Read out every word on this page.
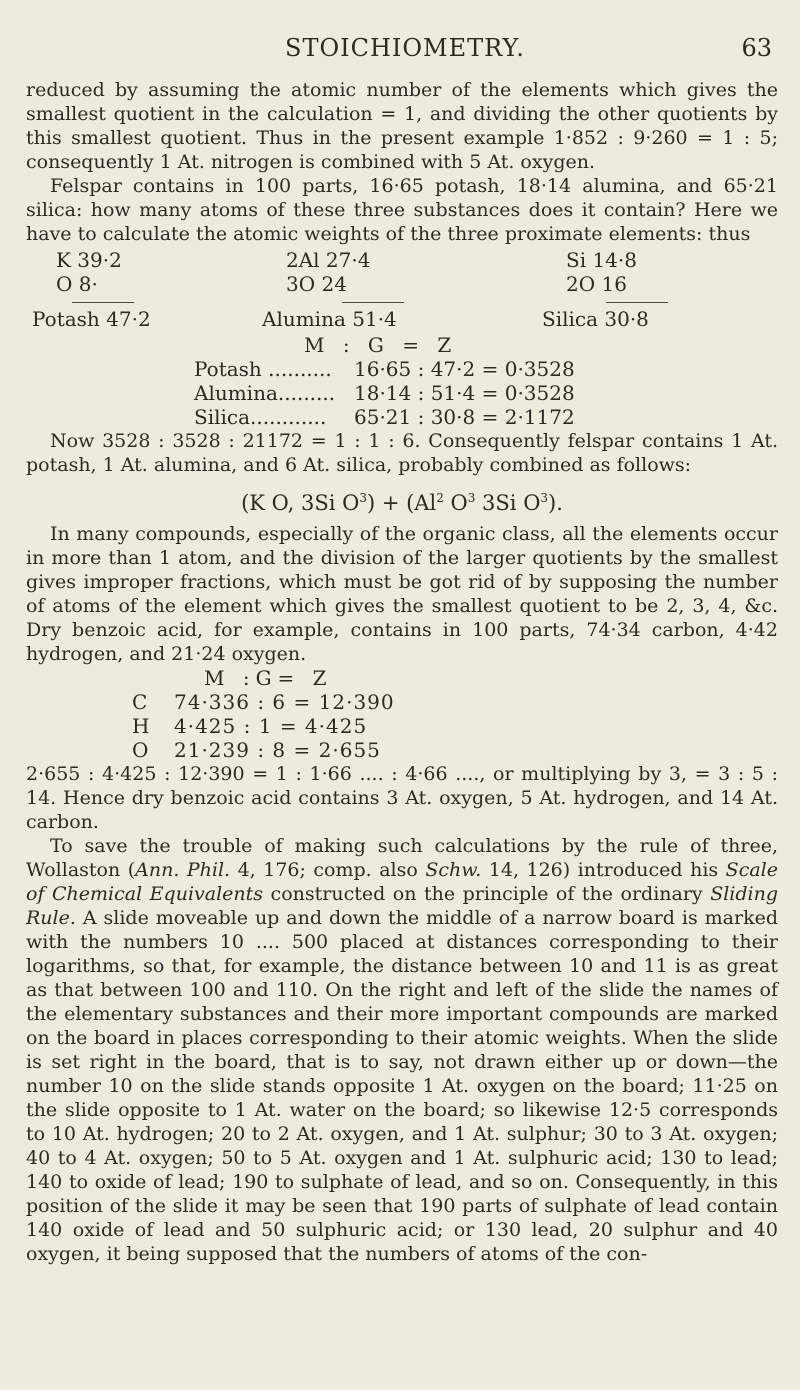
STOICHIOMETRY.	63

reduced by assuming the atomic number of the elements which gives the smallest quotient in the calculation = 1, and dividing the other quotients by this smallest quotient. Thus in the present example 1·852 : 9·260 = 1 : 5; consequently 1 At. nitrogen is combined with 5 At. oxygen.

Felspar contains in 100 parts, 16·65 potash, 18·14 alumina, and 65·21 silica: how many atoms of these three substances does it contain? Here we have to calculate the atomic weights of the three proximate elements: thus

K 39·2	2Al 27·4	Si 14·8
O 8·	3O 24	2O 16
Potash 47·2	Alumina 51·4	Silica 30·8
M : G = Z
Potash ..........	16·65 : 47·2 = 0·3528
Alumina......... 18·14 : 51·4 = 0·3528
Silica............	65·21 : 30·8 = 2·1172

Now 3528 : 3528 : 21172 = 1 : 1 : 6. Consequently felspar contains 1 At. potash, 1 At. alumina, and 6 At. silica, probably combined as follows:

(K O, 3Si $O^3) + (Al^2$ $O^3$ 3Si $O^3$).

In many compounds, especially of the organic class, all the elements occur in more than 1 atom, and the division of the larger quotients by the smallest gives improper fractions, which must be got rid of by supposing the number of atoms of the element which gives the smallest quotient to be 2, 3, 4, &c. Dry benzoic acid, for example, contains in 100 parts, 74·34 carbon, 4·42 hydrogen, and 21·24 oxygen.

M :G= Z
C	74·336 : 6 = 12·390
H	4·425 : 1 = 4·425
O	21·239 : 8 = 2·655

2·655 : 4·425 : 12·390 = 1 : 1·66 .... : 4·66 ...., or multiplying by 3, = 3 : 5 : 14. Hence dry benzoic acid contains 3 At. oxygen, 5 At. hydrogen, and 14 At. carbon.

To save the trouble of making such calculations by the rule of three, Wollaston (Ann. Phil. 4, 176; comp. also Schw. 14, 126) introduced his Scale of Chemical Equivalents constructed on the principle of the ordinary Sliding Rule. A slide moveable up and down the middle of a narrow board is marked with the numbers 10 .... 500 placed at distances corresponding to their logarithms, so that, for example, the distance between 10 and 11 is as great as that between 100 and 110. On the right and left of the slide the names of the elementary substances and their more important compounds are marked on the board in places corresponding to their atomic weights. When the slide is set right in the board, that is to say, not drawn either up or down—the number 10 on the slide stands opposite 1 At. oxygen on the board; 11·25 on the slide opposite to 1 At. water on the board; so likewise 12·5 corresponds to 10 At. hydrogen; 20 to 2 At. oxygen, and 1 At. sulphur; 30 to 3 At. oxygen; 40 to 4 At. oxygen; 50 to 5 At. oxygen and 1 At. sulphuric acid; 130 to lead; 140 to oxide of lead; 190 to sulphate of lead, and so on. Consequently, in this position of the slide it may be seen that 190 parts of sulphate of lead contain 140 oxide of lead and 50 sulphuric acid; or 130 lead, 20 sulphur and 40 oxygen, it being supposed that the numbers of atoms of the con-
